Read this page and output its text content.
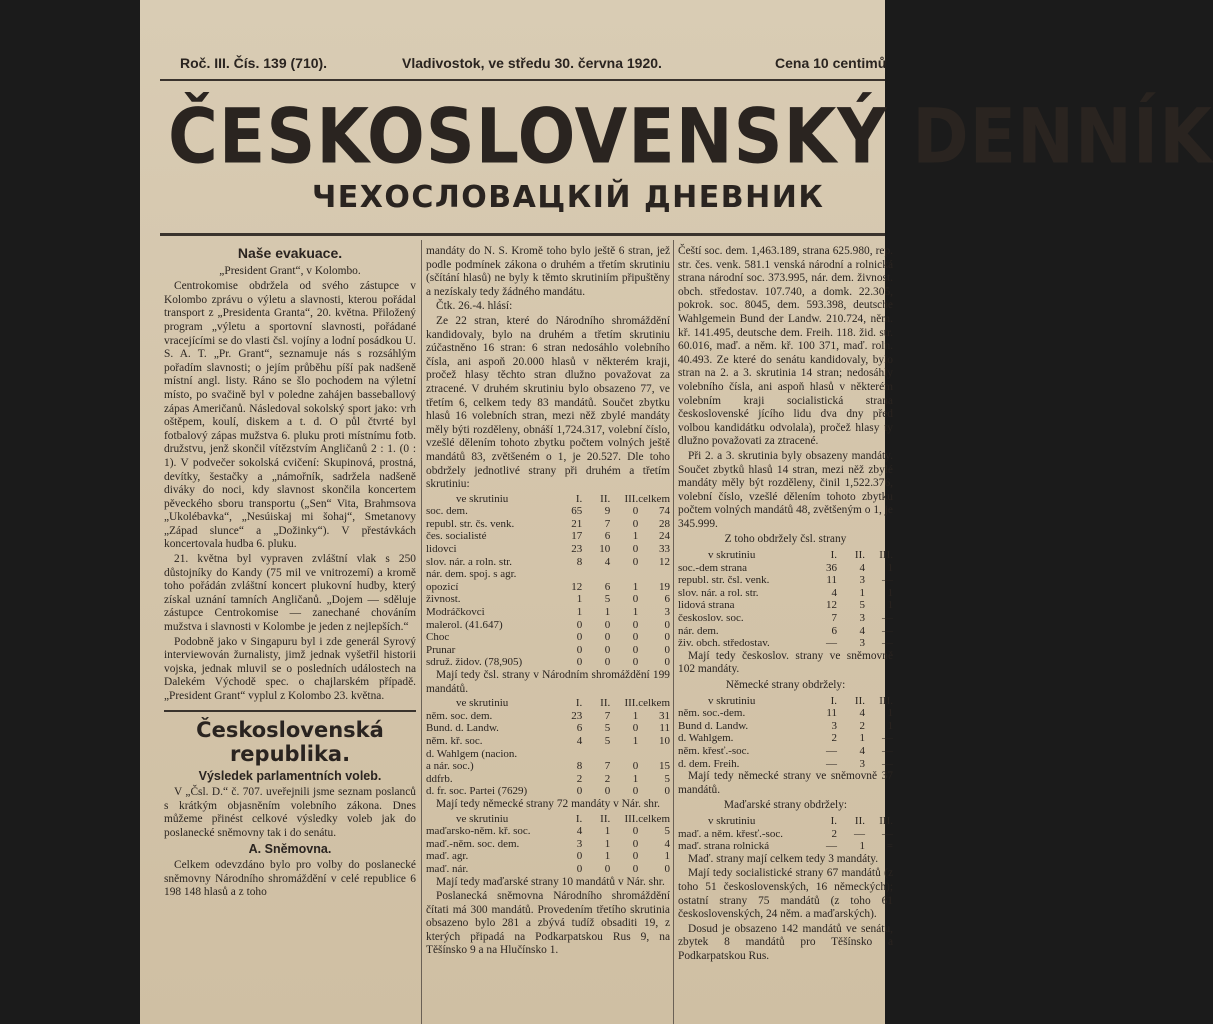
Roč. III. Čís. 139 (710).	Vladivostok, ve středu 30. června 1920.	Cena 10 centimů
ČESKOSLOVENSKÝ DENNÍK
ЧЕХОСЛОВАЦКІЙ ДНЕВНИК
Naše evakuace.
„President Grant“, v Kolombo.

Centrokomise obdržela od svého zástupce v Kolombo zprávu o výletu a slavnosti, kterou pořádal transport z „Presidenta Granta“, 20. května. Přiložený program „výletu a sportovní slavnosti, pořádané vracejícími se do vlasti čsl. vojíny a lodní posádkou U. S. A. T. „Pr. Grant“, seznamuje nás s rozsáhlým pořadím slavnosti; o jejím průběhu píší pak nadšeně místní angl. listy. Ráno se šlo pochodem na výletní místo, po svačině byl v poledne zahájen basseballový zápas Američanů. Následoval sokolský sport jako: vrh oštěpem, koulí, diskem a t. d. O půl čtvrté byl fotbalový zápas mužstva 6. pluku proti místnímu fotb. družstvu, jenž skončil vítězstvím Angličanů 2 : 1. (0 : 1). V podvečer sokolská cvičení: Skupinová, prostná, devítky, šestačky a „námořník, sadržela nadšeně diváky do noci, kdy slavnost skončila koncertem pěveckého sboru transportu („Sen“ Vita, Brahmsova „Ukolébavka“, „Nesúiskaj mi šohaj“, Smetanovy „Západ slunce“ a „Dožinky“). V přestávkách koncertovala hudba 6. pluku.

21. května byl vypraven zvláštní vlak s 250 důstojníky do Kandy (75 mil ve vnitrozemí) a kromě toho pořádán zvláštní koncert plukovní hudby, který získal uznání tamních Angličanů. „Dojem — sděluje zástupce Centrokomise — zanechané chováním mužstva i slavnosti v Kolombe je jeden z nejlepších.“

Podobně jako v Singapuru byl i zde generál Syrový interviewován žurnalisty, jimž jednak vyšetřil historii vojska, jednak mluvil se o posledních událostech na Dalekém Východě spec. o chajlarském případě. „President Grant“ vyplul z Kolombo 23. května.

Československá republika.
Výsledek parlamentních voleb.

V „Čsl. D.“ č. 707. uveřejnili jsme seznam poslanců s krátkým objasněním volebního zákona. Dnes můžeme přinést celkové výsledky voleb jak do poslanecké sněmovny tak i do senátu.

A. Sněmovna.

Celkem odevzdáno bylo pro volby do poslanecké sněmovny Národního shromáždění v celé republice 6 198 148 hlasů a z toho

mandáty do N. S. Kromě toho bylo ještě 6 stran, jež podle podmínek zákona o druhém a třetím skrutiniu (sčítání hlasů) ne byly k těmto skrutiniím připuštěny a nezískaly tedy žádného mandátu.

Čtk. 26.-4. hlásí:

Ze 22 stran, které do Národního shromáždění kandidovaly, bylo na druhém a třetím skrutiniu zúčastněno 16 stran: 6 stran nedosáhlo volebního čísla, ani aspoň 20.000 hlasů v některém kraji, pročež hlasy těchto stran dlužno považovat za ztracené. V druhém skrutiniu bylo obsazeno 77, ve třetím 6, celkem tedy 83 mandátů. Součet zbytku hlasů 16 volebních stran, mezi něž zbylé mandáty měly býti rozděleny, obnáší 1,724.317, volební číslo, vzešlé dělením tohoto zbytku počtem volných ještě mandátů 83, zvětšeném o 1, je 20.527. Dle toho obdržely jednotlivé strany při druhém a třetím skrutiniu:

ve skrutiniu	I.	II.	III.	celkem
soc. dem.	65	9	0	74
republ. str. čs. venk.	21	7	0	28
čes. socialisté	17	6	1	24
lidovci	23	10	0	33
slov. nár. a roln. str.	8	4	0	12
nár. dem. spoj. s agr.				
opozicí	12	6	1	19
živnost.	1	5	0	6
Modráčkovci	1	1	1	3
malerol. (41.647)	0	0	0	0
Choc	0	0	0	0
Prunar	0	0	0	0
sdruž. židov. (78,905)	0	0	0	0

Mají tedy čsl. strany v Národním shromáždění 199 mandátů.

ve skrutiniu	I.	II.	III.	celkem
něm. soc. dem.	23	7	1	31
Bund. d. Landw.	6	5	0	11
něm. kř. soc.	4	5	1	10
d. Wahlgem (nacion.				
a nár. soc.)	8	7	0	15
ddfrb.	2	2	1	5
d. fr. soc. Partei (7629)	0	0	0	0

Mají tedy německé strany 72 mandáty v Nár. shr.

ve skrutiniu	I.	II.	III.	celkem
maďarsko-něm. kř. soc.	4	1	0	5
maď.-něm. soc. dem.	3	1	0	4
maď. agr.	0	1	0	1
maď. nár.	0	0	0	0

Mají tedy maďarské strany 10 mandátů v Nár. shr.

Poslanecká sněmovna Národního shromáždění čítati má 300 mandátů. Provedením třetího skrutinia obsazeno bylo 281 a zbývá tudíž obsaditi 19, z kterých připadá na Podkarpatskou Rus 9, na Těšínsko 9 a na Hlučínsko 1.

Čeští soc. dem. 1,463.189, strana 625.980, rep. str. čes. venk. 581.1 venská národní a rolnická strana národní soc. 373.995, nár. dem. živnost. obch. středostav. 107.740, a domk. 22.305, pokrok. soc. 8045, dem. 593.398, deutsche Wahlgemein Bund der Landw. 210.724, něm. kř. 141.495, deutsche dem. Freih. 118. žid. str. 60.016, maď. a něm. kř. 100 371, maď. roln. 40.493. Ze které do senátu kandidovaly, bylo stran na 2. a 3. skrutinia 14 stran; nedosáhly volebního čísla, ani aspoň hlasů v některém volebním kraji socialistická strana československé jícího lidu dva dny před volbou kandidátku odvolala), pročež hlasy ty dlužno považovati za ztracené.

Při 2. a 3. skrutinia byly obsazeny mandáty. Součet zbytků hlasů 14 stran, mezi něž zbylé mandáty měly být rozděleny, činil 1,522.376, volební číslo, vzešlé dělením tohoto zbytku počtem volných mandátů 48, zvětšeným o 1, je 345.999.

Z toho obdržely čsl. strany
v skrutiniu	I.	II.	III.
soc.-dem strana	36	4	1
republ. str. čsl. venk.	11	3	—
slov. nár. a rol. str.	4	1	1
lidová strana	12	5	1
českoslov. soc.	7	3	—
nár. dem.	6	4	—
živ. obch. středostav.	—	3	—

Mají tedy českoslov. strany ve sněmovně 102 mandáty.

Německé strany obdržely:
v skrutiniu	I.	II.	III.
něm. soc.-dem.	11	4	1
Bund d. Landw.	3	2	1
d. Wahlgem.	2	1	—
něm. křesť.-soc.	—	4	—
d. dem. Freih.	—	3	—

Mají tedy německé strany ve sněmovně 37 mandátů.

Maďarské strany obdržely:
v skrutiniu	I.	II.	III.
maď. a něm. křesť.-soc.	2	—	—
maď. strana rolnická	—	1	=

Maď. strany mají celkem tedy 3 mandáty.

Mají tedy socialistické strany 67 mandátů (z toho 51 československých, 16 německých); ostatní strany 75 mandátů (z toho 61 československých, 24 něm. a maďarských).

Dosud je obsazeno 142 mandátů ve senátu, zbytek 8 mandátů pro Těšínsko a Podkarpatskou Rus.
